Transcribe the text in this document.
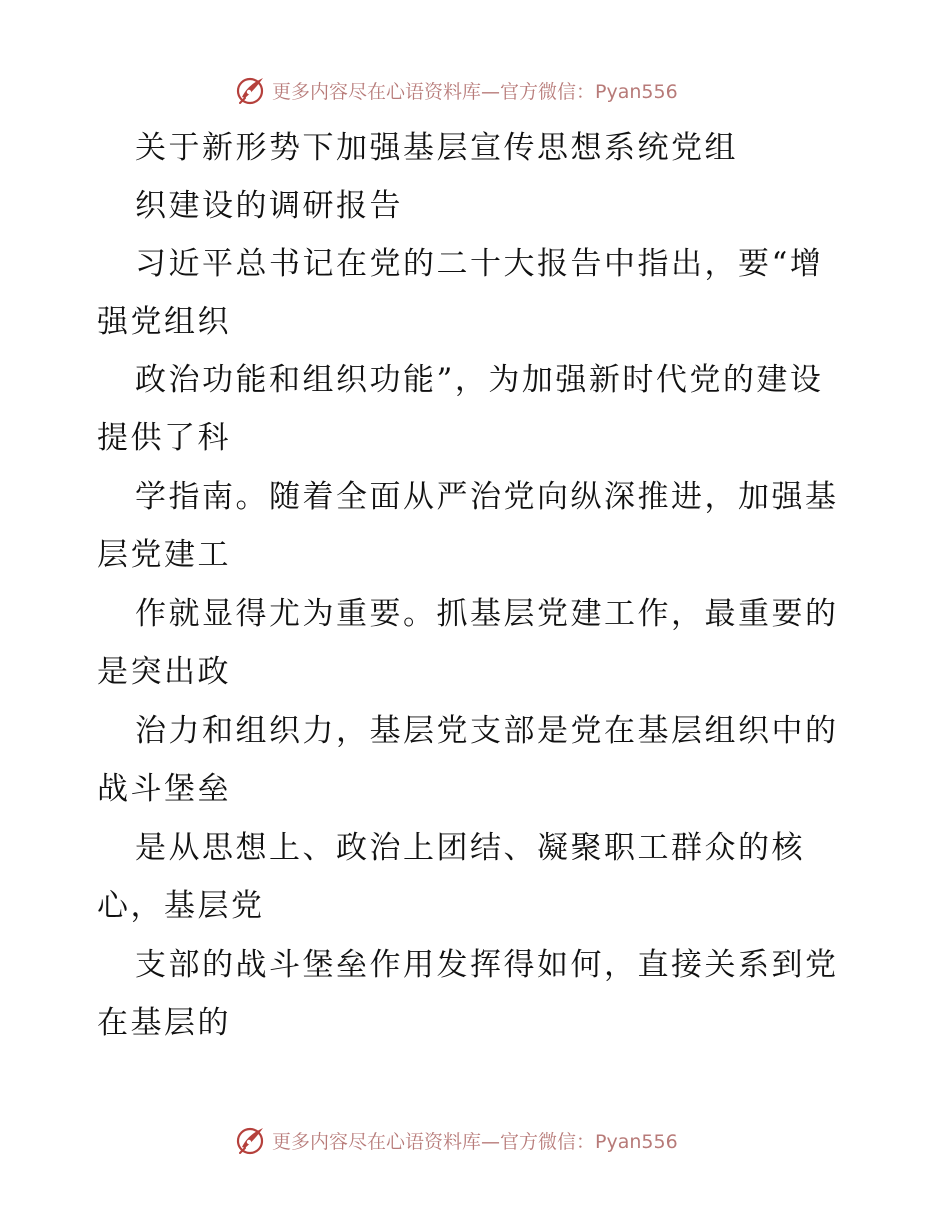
更多内容尽在心语资料库—官方微信：Pyan556
关于新形势下加强基层宣传思想系统党组
织建设的调研报告
习近平总书记在党的二十大报告中指出，要“增
强党组织
政治功能和组织功能”，为加强新时代党的建设
提供了科
学指南。随着全面从严治党向纵深推进，加强基
层党建工
作就显得尤为重要。抓基层党建工作，最重要的
是突出政
治力和组织力，基层党支部是党在基层组织中的
战斗堡垒
是从思想上、政治上团结、凝聚职工群众的核
心，基层党
支部的战斗堡垒作用发挥得如何，直接关系到党
在基层的
更多内容尽在心语资料库—官方微信：Pyan556
